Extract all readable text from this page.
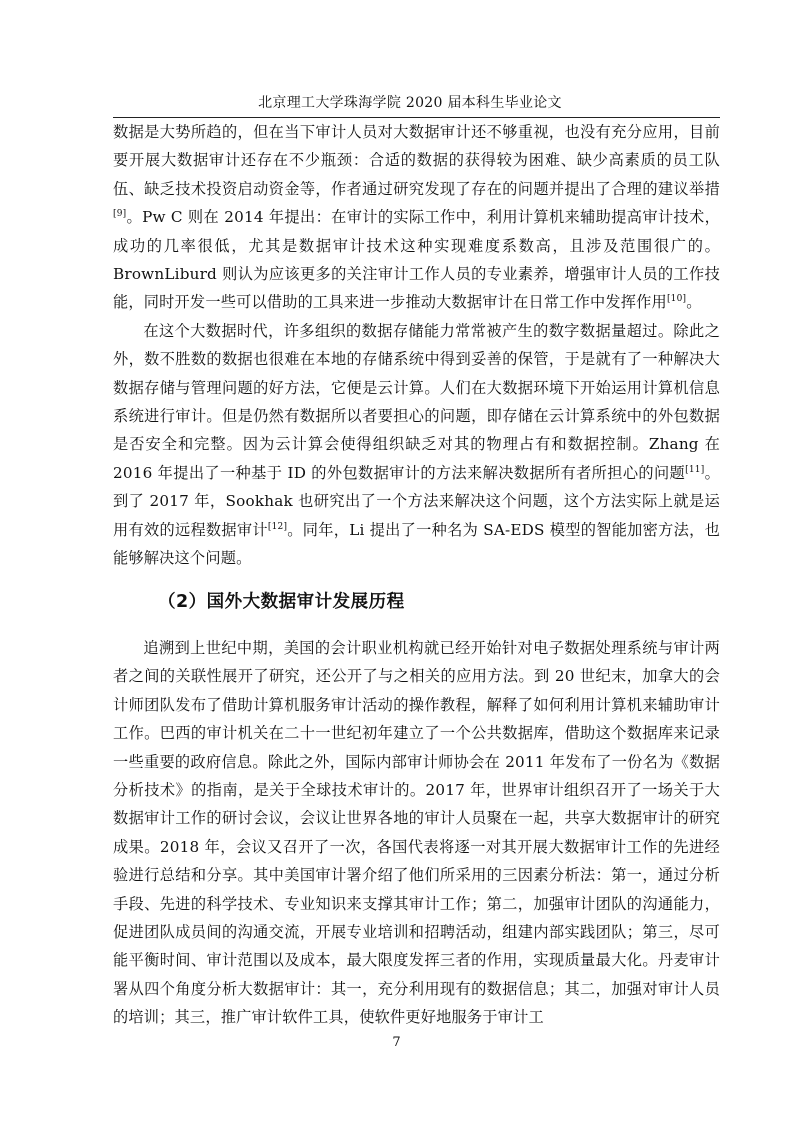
北京理工大学珠海学院 2020 届本科生毕业论文

数据是大势所趋的，但在当下审计人员对大数据审计还不够重视，也没有充分应用，目前要开展大数据审计还存在不少瓶颈：合适的数据的获得较为困难、缺少高素质的员工队伍、缺乏技术投资启动资金等，作者通过研究发现了存在的问题并提出了合理的建议举措[9]。Pw C 则在 2014 年提出：在审计的实际工作中，利用计算机来辅助提高审计技术，成功的几率很低，尤其是数据审计技术这种实现难度系数高，且涉及范围很广的。BrownLiburd 则认为应该更多的关注审计工作人员的专业素养，增强审计人员的工作技能，同时开发一些可以借助的工具来进一步推动大数据审计在日常工作中发挥作用[10]。

在这个大数据时代，许多组织的数据存储能力常常被产生的数字数据量超过。除此之外，数不胜数的数据也很难在本地的存储系统中得到妥善的保管，于是就有了一种解决大数据存储与管理问题的好方法，它便是云计算。人们在大数据环境下开始运用计算机信息系统进行审计。但是仍然有数据所以者要担心的问题，即存储在云计算系统中的外包数据是否安全和完整。因为云计算会使得组织缺乏对其的物理占有和数据控制。Zhang 在 2016 年提出了一种基于 ID 的外包数据审计的方法来解决数据所有者所担心的问题[11]。到了 2017 年，Sookhak 也研究出了一个方法来解决这个问题，这个方法实际上就是运用有效的远程数据审计[12]。同年，Li 提出了一种名为 SA-EDS 模型的智能加密方法，也能够解决这个问题。

（2）国外大数据审计发展历程

追溯到上世纪中期，美国的会计职业机构就已经开始针对电子数据处理系统与审计两者之间的关联性展开了研究，还公开了与之相关的应用方法。到 20 世纪末，加拿大的会计师团队发布了借助计算机服务审计活动的操作教程，解释了如何利用计算机来辅助审计工作。巴西的审计机关在二十一世纪初年建立了一个公共数据库，借助这个数据库来记录一些重要的政府信息。除此之外，国际内部审计师协会在 2011 年发布了一份名为《数据分析技术》的指南，是关于全球技术审计的。2017 年，世界审计组织召开了一场关于大数据审计工作的研讨会议，会议让世界各地的审计人员聚在一起，共享大数据审计的研究成果。2018 年，会议又召开了一次，各国代表将逐一对其开展大数据审计工作的先进经验进行总结和分享。其中美国审计署介绍了他们所采用的三因素分析法：第一，通过分析手段、先进的科学技术、专业知识来支撑其审计工作；第二，加强审计团队的沟通能力，促进团队成员间的沟通交流，开展专业培训和招聘活动，组建内部实践团队；第三，尽可能平衡时间、审计范围以及成本，最大限度发挥三者的作用，实现质量最大化。丹麦审计署从四个角度分析大数据审计：其一，充分利用现有的数据信息；其二，加强对审计人员的培训；其三，推广审计软件工具，使软件更好地服务于审计工

7
